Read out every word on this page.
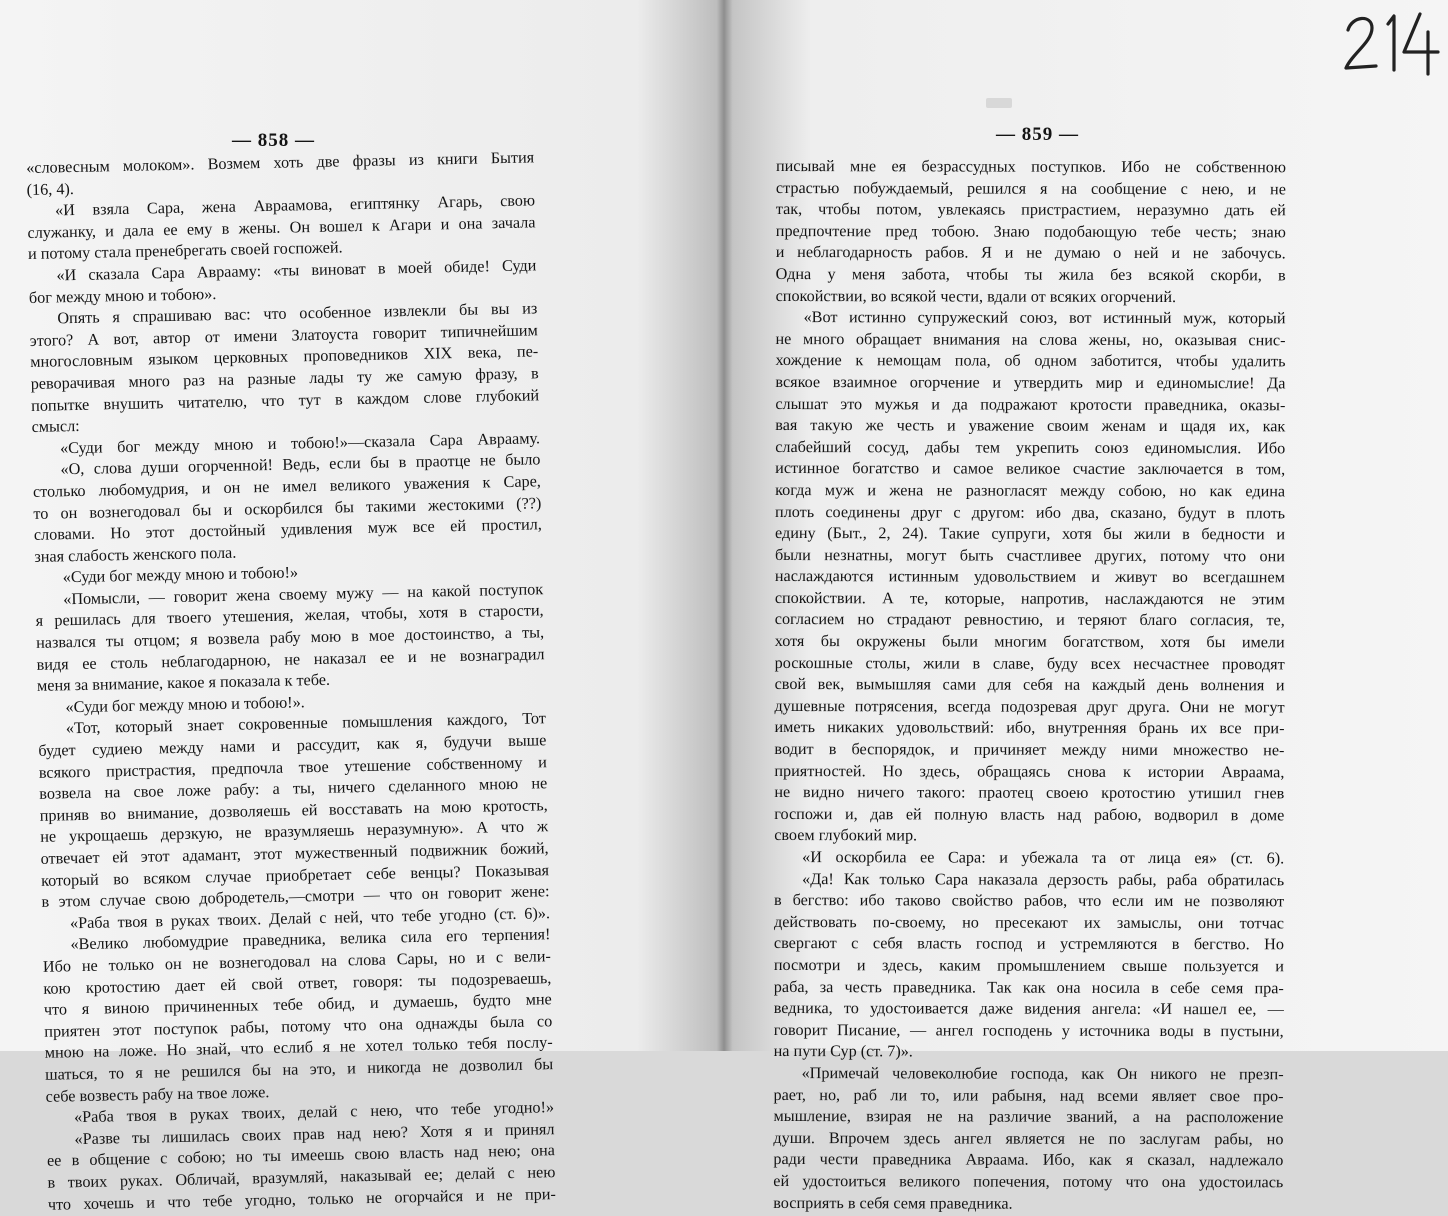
— 858 —
«словесным молоком». Возмем хоть две фразы из книги Бытия
(16, 4).
«И взяла Сара, жена Авраамова, египтянку Агарь, свою
служанку, и дала ее ему в жены. Он вошел к Агари и она зачала
и потому стала пренебрегать своей госпожей.
«И сказала Сара Аврааму: «ты виноват в моей обиде! Суди
бог между мною и тобою».
Опять я спрашиваю вас: что особенное извлекли бы вы из
этого? А вот, автор от имени Златоуста говорит типичнейшим
многословным языком церковных проповедников XIX века, пе-
реворачивая много раз на разные лады ту же самую фразу, в
попытке внушить читателю, что тут в каждом слове глубокий
смысл:
«Суди бог между мною и тобою!»—сказала Сара Аврааму.
«О, слова души огорченной! Ведь, если бы в праотце не было
столько любомудрия, и он не имел великого уважения к Саре,
то он вознегодовал бы и оскорбился бы такими жестокими (??)
словами. Но этот достойный удивления муж все ей простил,
зная слабость женского пола.
«Суди бог между мною и тобою!»
«Помысли, — говорит жена своему мужу — на какой поступок
я решилась для твоего утешения, желая, чтобы, хотя в старости,
назвался ты отцом; я возвела рабу мою в мое достоинство, а ты,
видя ее столь неблагодарною, не наказал ее и не вознаградил
меня за внимание, какое я показала к тебе.
«Суди бог между мною и тобою!».
«Тот, который знает сокровенные помышления каждого, Тот
будет судиею между нами и рассудит, как я, будучи выше
всякого пристрастия, предпочла твое утешение собственному и
возвела на свое ложе рабу: а ты, ничего сделанного мною не
приняв во внимание, дозволяешь ей восставать на мою кротость,
не укрощаешь дерзкую, не вразумляешь неразумную». А что ж
отвечает ей этот адамант, этот мужественный подвижник божий,
который во всяком случае приобретает себе венцы? Показывая
в этом случае свою добродетель,—смотри — что он говорит жене:
«Раба твоя в руках твоих. Делай с ней, что тебе угодно (ст. 6)».
«Велико любомудрие праведника, велика сила его терпения!
Ибо не только он не вознегодовал на слова Сары, но и с вели-
кою кротостию дает ей свой ответ, говоря: ты подозреваешь,
что я виною причиненных тебе обид, и думаешь, будто мне
приятен этот поступок рабы, потому что она однажды была со
мною на ложе. Но знай, что еслиб я не хотел только тебя послу-
шаться, то я не решился бы на это, и никогда не дозволил бы
себе возвесть рабу на твое ложе.
«Раба твоя в руках твоих, делай с нею, что тебе угодно!»
«Разве ты лишилась своих прав над нею? Хотя я и принял
ее в общение с собою; но ты имеешь свою власть над нею; она
в твоих руках. Обличай, вразумляй, наказывай ее; делай с нею
что хочешь и что тебе угодно, только не огорчайся и не при-
— 859 —
писывай мне ея безрассудных поступков. Ибо не собственною
страстью побуждаемый, решился я на сообщение с нею, и не
так, чтобы потом, увлекаясь пристрастием, неразумно дать ей
предпочтение пред тобою. Знаю подобающую тебе честь; знаю
и неблагодарность рабов. Я и не думаю о ней и не забочусь.
Одна у меня забота, чтобы ты жила без всякой скорби, в
спокойствии, во всякой чести, вдали от всяких огорчений.
«Вот истинно супружеский союз, вот истинный муж, который
не много обращает внимания на слова жены, но, оказывая снис-
хождение к немощам пола, об одном заботится, чтобы удалить
всякое взаимное огорчение и утвердить мир и единомыслие! Да
слышат это мужья и да подражают кротости праведника, оказы-
вая такую же честь и уважение своим женам и щадя их, как
слабейший сосуд, дабы тем укрепить союз единомыслия. Ибо
истинное богатство и самое великое счастие заключается в том,
когда муж и жена не разногласят между собою, но как едина
плоть соединены друг с другом: ибо два, сказано, будут в плоть
едину (Быт., 2, 24). Такие супруги, хотя бы жили в бедности и
были незнатны, могут быть счастливее других, потому что они
наслаждаются истинным удовольствием и живут во всегдашнем
спокойствии. А те, которые, напротив, наслаждаются не этим
согласием но страдают ревностию, и теряют благо согласия, те,
хотя бы окружены были многим богатством, хотя бы имели
роскошные столы, жили в славе, буду всех несчастнее проводят
свой век, вымышляя сами для себя на каждый день волнения и
душевные потрясения, всегда подозревая друг друга. Они не могут
иметь никаких удовольствий: ибо, внутренняя брань их все при-
водит в беспорядок, и причиняет между ними множество не-
приятностей. Но здесь, обращаясь снова к истории Авраама,
не видно ничего такого: праотец своею кротостию утишил гнев
госпожи и, дав ей полную власть над рабою, водворил в доме
своем глубокий мир.
«И оскорбила ее Сара: и убежала та от лица ея» (ст. 6).
«Да! Как только Сара наказала дерзость рабы, раба обратилась
в бегство: ибо таково свойство рабов, что если им не позволяют
действовать по-своему, но пресекают их замыслы, они тотчас
свергают с себя власть господ и устремляются в бегство. Но
посмотри и здесь, каким промышлением свыше пользуется и
раба, за честь праведника. Так как она носила в себе семя пра-
ведника, то удостоивается даже видения ангела: «И нашел ее, —
говорит Писание, — ангел господень у источника воды в пустыни,
на пути Сур (ст. 7)».
«Примечай человеколюбие господа, как Он никого не презп-
рает, но, раб ли то, или рабыня, над всеми являет свое про-
мышление, взирая не на различие званий, а на расположение
души. Впрочем здесь ангел является не по заслугам рабы, но
ради чести праведника Авраама. Ибо, как я сказал, надлежало
ей удостоиться великого попечения, потому что она удостоилась
восприять в себя семя праведника.
